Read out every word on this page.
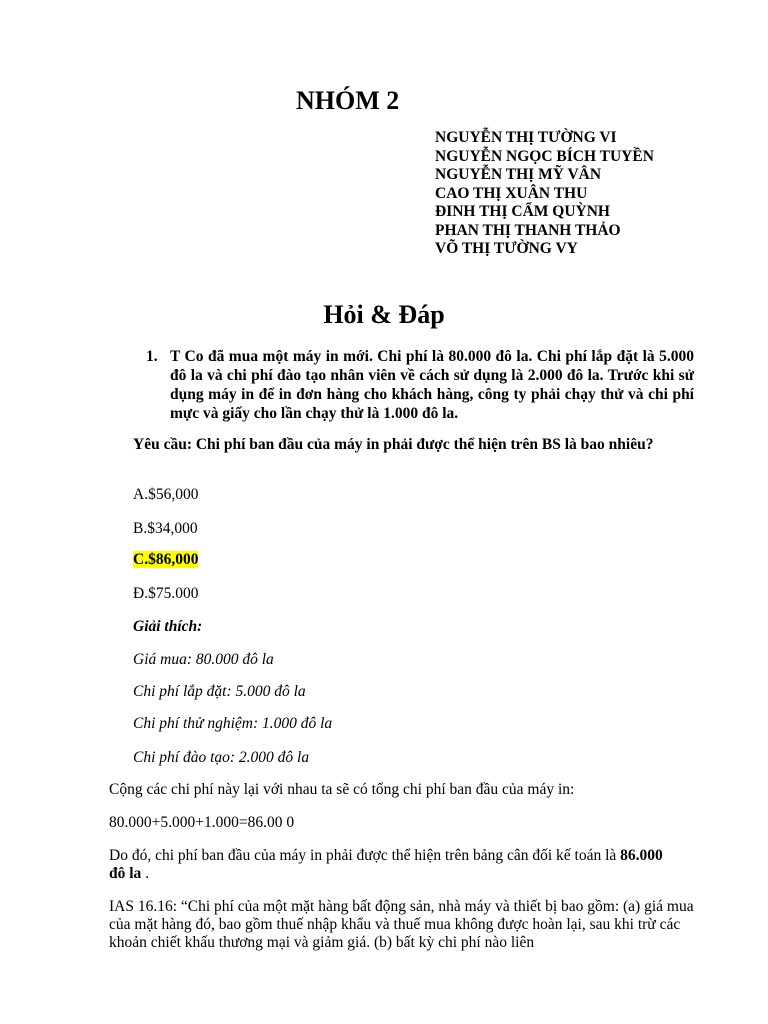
NHÓM 2
NGUYỄN THỊ TƯỜNG VI
NGUYỄN NGỌC BÍCH TUYỀN
NGUYỄN THỊ MỸ VÂN
CAO THỊ XUÂN THU
ĐINH THỊ CẨM QUỲNH
PHAN THỊ THANH THẢO
VÕ THỊ TƯỜNG VY
Hỏi & Đáp
1. T Co đã mua một máy in mới. Chi phí là 80.000 đô la. Chi phí lắp đặt là 5.000 đô la và chi phí đào tạo nhân viên về cách sử dụng là 2.000 đô la. Trước khi sử dụng máy in để in đơn hàng cho khách hàng, công ty phải chạy thử và chi phí mực và giấy cho lần chạy thử là 1.000 đô la.

Yêu cầu: Chi phí ban đầu của máy in phải được thể hiện trên BS là bao nhiêu?

A.$56,000

B.$34,000

C.$86,000

Đ.$75.000

Giải thích:

Giá mua: 80.000 đô la

Chi phí lắp đặt: 5.000 đô la

Chi phí thử nghiệm: 1.000 đô la

Chi phí đào tạo: 2.000 đô la

Cộng các chi phí này lại với nhau ta sẽ có tổng chi phí ban đầu của máy in:

80.000+5.000+1.000=86.00 0

Do đó, chi phí ban đầu của máy in phải được thể hiện trên bảng cân đối kế toán là 86.000 đô la .

IAS 16.16: “Chi phí của một mặt hàng bất động sản, nhà máy và thiết bị bao gồm: (a) giá mua của mặt hàng đó, bao gồm thuế nhập khẩu và thuế mua không được hoàn lại, sau khi trừ các khoản chiết khấu thương mại và giảm giá. (b) bất kỳ chi phí nào liên
